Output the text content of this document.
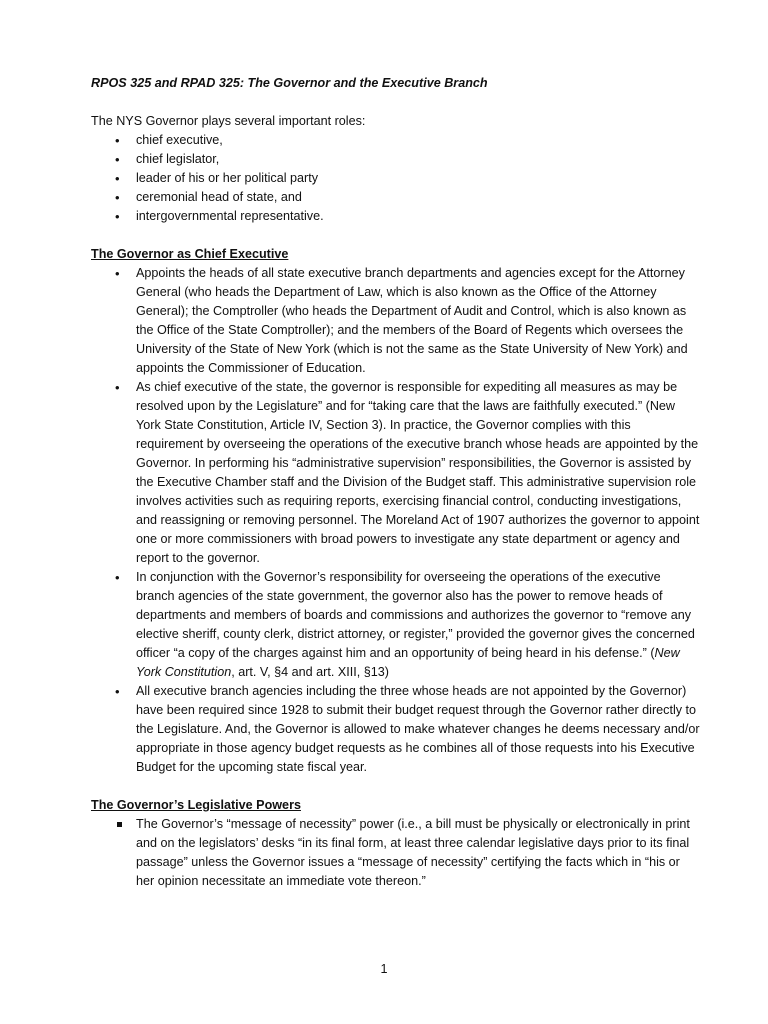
RPOS 325 and RPAD 325: The Governor and the Executive Branch

The NYS Governor plays several important roles:

• chief executive,
• chief legislator,
• leader of his or her political party
• ceremonial head of state, and
• intergovernmental representative.

The Governor as Chief Executive

• Appoints the heads of all state executive branch departments and agencies except for the Attorney General (who heads the Department of Law, which is also known as the Office of the Attorney General); the Comptroller (who heads the Department of Audit and Control, which is also known as the Office of the State Comptroller); and the members of the Board of Regents which oversees the University of the State of New York (which is not the same as the State University of New York) and appoints the Commissioner of Education.
• As chief executive of the state, the governor is responsible for expediting all measures as may be resolved upon by the Legislature” and for “taking care that the laws are faithfully executed.” (New York State Constitution, Article IV, Section 3). In practice, the Governor complies with this requirement by overseeing the operations of the executive branch whose heads are appointed by the Governor. In performing his “administrative supervision” responsibilities, the Governor is assisted by the Executive Chamber staff and the Division of the Budget staff. This administrative supervision role involves activities such as requiring reports, exercising financial control, conducting investigations, and reassigning or removing personnel. The Moreland Act of 1907 authorizes the governor to appoint one or more commissioners with broad powers to investigate any state department or agency and report to the governor.
• In conjunction with the Governor’s responsibility for overseeing the operations of the executive branch agencies of the state government, the governor also has the power to remove heads of departments and members of boards and commissions and authorizes the governor to “remove any elective sheriff, county clerk, district attorney, or register,” provided the governor gives the concerned officer “a copy of the charges against him and an opportunity of being heard in his defense.” (New York Constitution, art. V, §4 and art. XIII, §13)
• All executive branch agencies including the three whose heads are not appointed by the Governor) have been required since 1928 to submit their budget request through the Governor rather directly to the Legislature. And, the Governor is allowed to make whatever changes he deems necessary and/or appropriate in those agency budget requests as he combines all of those requests into his Executive Budget for the upcoming state fiscal year.

The Governor’s Legislative Powers

The Governor’s “message of necessity” power (i.e., a bill must be physically or electronically in print and on the legislators’ desks “in its final form, at least three calendar legislative days prior to its final passage” unless the Governor issues a “message of necessity” certifying the facts which in “his or her opinion necessitate an immediate vote thereon.”
1
